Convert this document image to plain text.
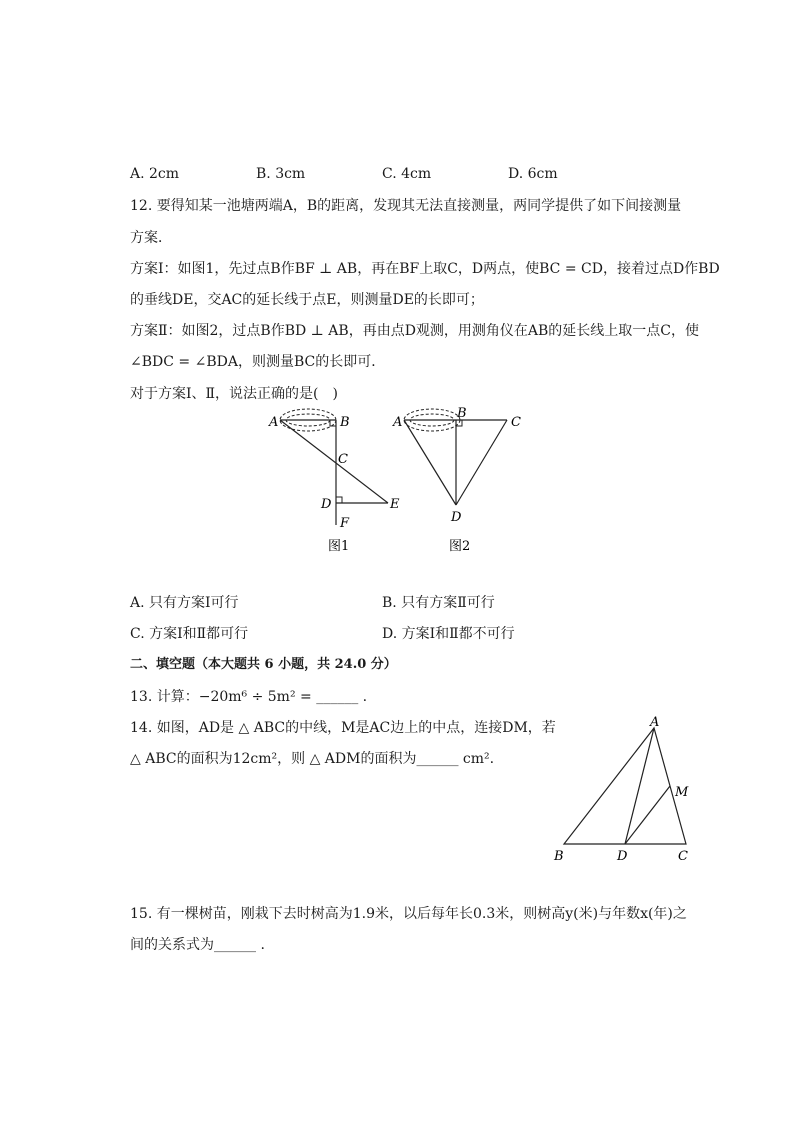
A. 2cm	B. 3cm	C. 4cm	D. 6cm
12. 要得知某一池塘两端A，B的距离，发现其无法直接测量，两同学提供了如下间接测量
方案．
方案Ⅰ：如图1，先过点B作BF ⊥ AB，再在BF上取C，D两点，使BC = CD，接着过点D作BD
的垂线DE，交AC的延长线于点E，则测量DE的长即可；
方案Ⅱ：如图2，过点B作BD ⊥ AB，再由点D观测，用测角仪在AB的延长线上取一点C，使
∠BDC = ∠BDA，则测量BC的长即可．
对于方案Ⅰ、Ⅱ，说法正确的是(　)
A	B
C
D	E
F
图1
A
B
C
D
图2
A. 只有方案Ⅰ可行	B. 只有方案Ⅱ可行
C. 方案Ⅰ和Ⅱ都可行	D. 方案Ⅰ和Ⅱ都不可行
二、填空题（本大题共 6 小题，共 24.0 分）
13. 计算：−20m⁶ ÷ 5m² = ______ .
14. 如图，AD是 △ ABC的中线，M是AC边上的中点，连接DM，若
△ ABC的面积为12cm²，则 △ ADM的面积为______ cm².
A
B	D	C
M
15. 有一棵树苗，刚栽下去时树高为1.9米，以后每年长0.3米，则树高y(米)与年数x(年)之
间的关系式为______ .
